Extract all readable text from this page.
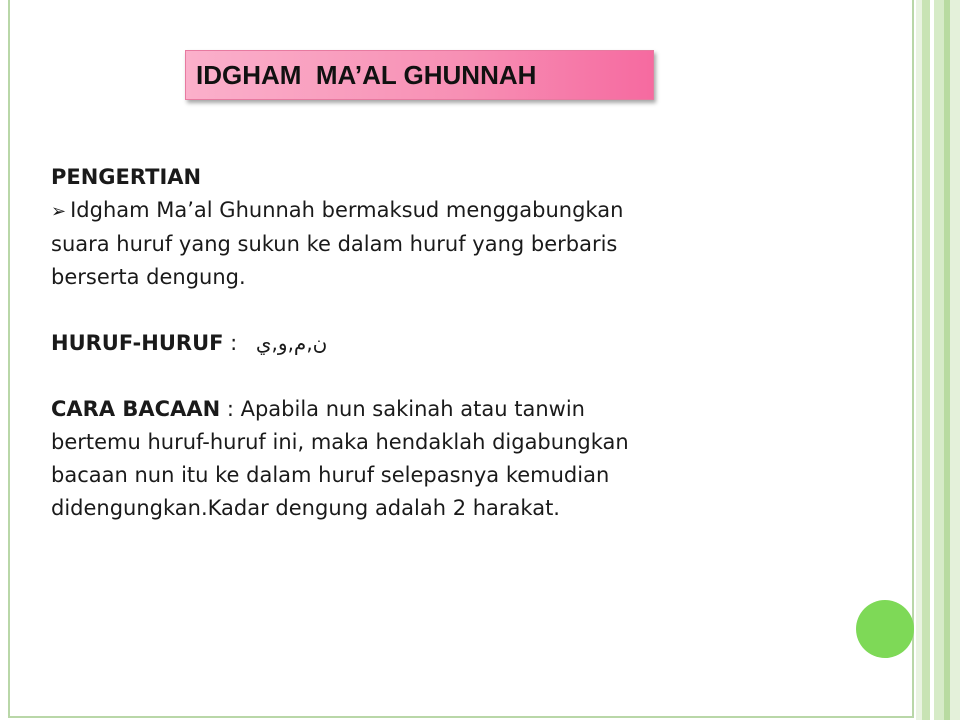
IDGHAM  MA’AL GHUNNAH
PENGERTIAN
➢ Idgham Ma’al Ghunnah bermaksud menggabungkan
suara huruf yang sukun ke dalam huruf yang berbaris
berserta dengung.
HURUF-HURUF : ن,م,و,ي
CARA BACAAN : Apabila nun sakinah atau tanwin
bertemu huruf-huruf ini, maka hendaklah digabungkan
bacaan nun itu ke dalam huruf selepasnya kemudian
didengungkan.Kadar dengung adalah 2 harakat.
